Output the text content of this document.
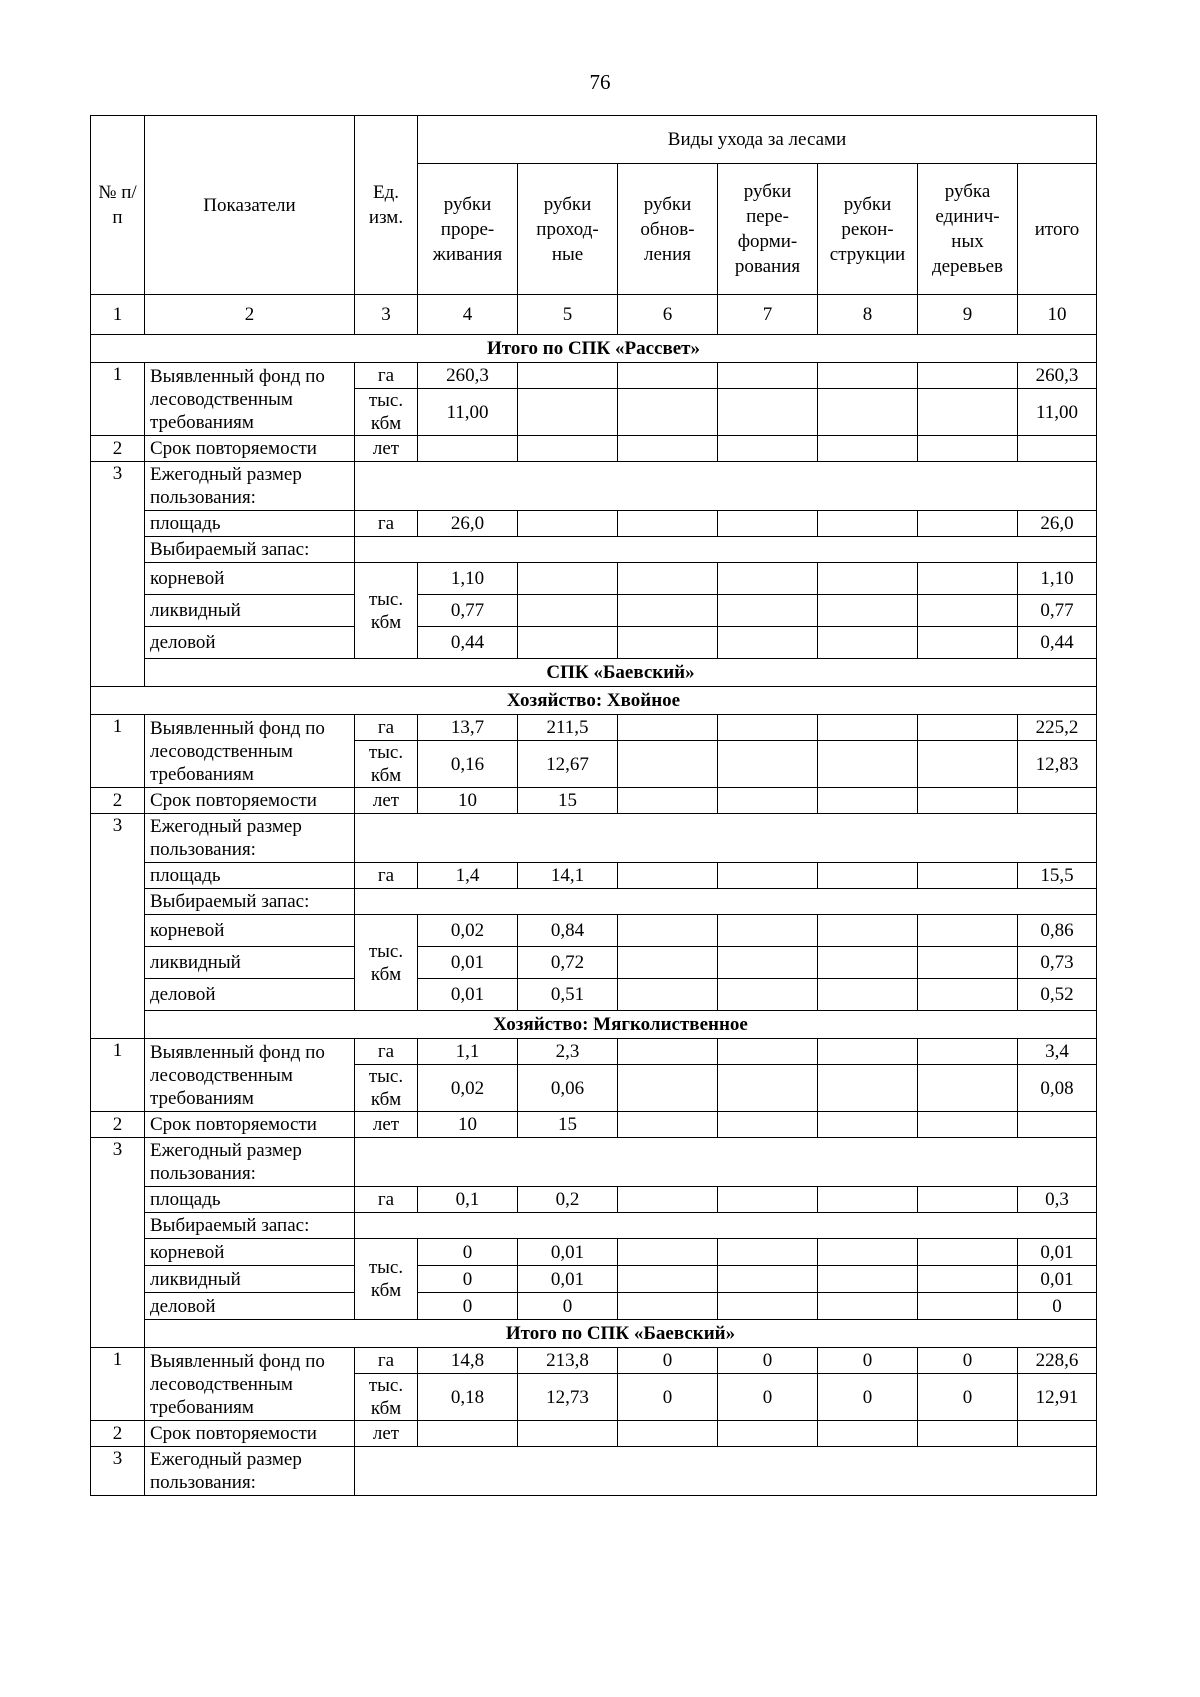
76
№ п/п	Показатели	Ед. изм.	Виды ухода за лесами						
			рубки проре- живания	рубки проход- ные	рубки обнов- ления	рубки пере- форми- рования	рубки рекон- струкции	рубка единич- ных деревьев	итого
1	2	3	4	5	6	7	8	9	10
Итого по СПК «Рассвет»									
1	Выявленный фонд по лесоводственным требованиям	га	260,3						260,3
		тыс. кбм	11,00						11,00
2	Срок повторяемости	лет							
3	Ежегодный размер пользования:								
	площадь	га	26,0						26,0
	Выбираемый запас:								
	корневой	тыс. кбм	1,10						1,10
	ликвидный		0,77						0,77
	деловой		0,44						0,44
	СПК «Баевский»								
Хозяйство: Хвойное									
1	Выявленный фонд по лесоводственным требованиям	га	13,7	211,5					225,2
		тыс. кбм	0,16	12,67					12,83
2	Срок повторяемости	лет	10	15					
3	Ежегодный размер пользования:								
	площадь	га	1,4	14,1					15,5
	Выбираемый запас:								
	корневой	тыс. кбм	0,02	0,84					0,86
	ликвидный		0,01	0,72					0,73
	деловой		0,01	0,51					0,52
	Хозяйство: Мягколиственное								
1	Выявленный фонд по лесоводственным требованиям	га	1,1	2,3					3,4
		тыс. кбм	0,02	0,06					0,08
2	Срок повторяемости	лет	10	15					
3	Ежегодный размер пользования:								
	площадь	га	0,1	0,2					0,3
	Выбираемый запас:								
	корневой	тыс. кбм	0	0,01					0,01
	ликвидный		0	0,01					0,01
	деловой		0	0					0
	Итого по СПК «Баевский»								
1	Выявленный фонд по лесоводственным требованиям	га	14,8	213,8	0	0	0	0	228,6
		тыс. кбм	0,18	12,73	0	0	0	0	12,91
2	Срок повторяемости	лет							
3	Ежегодный размер пользования:								
